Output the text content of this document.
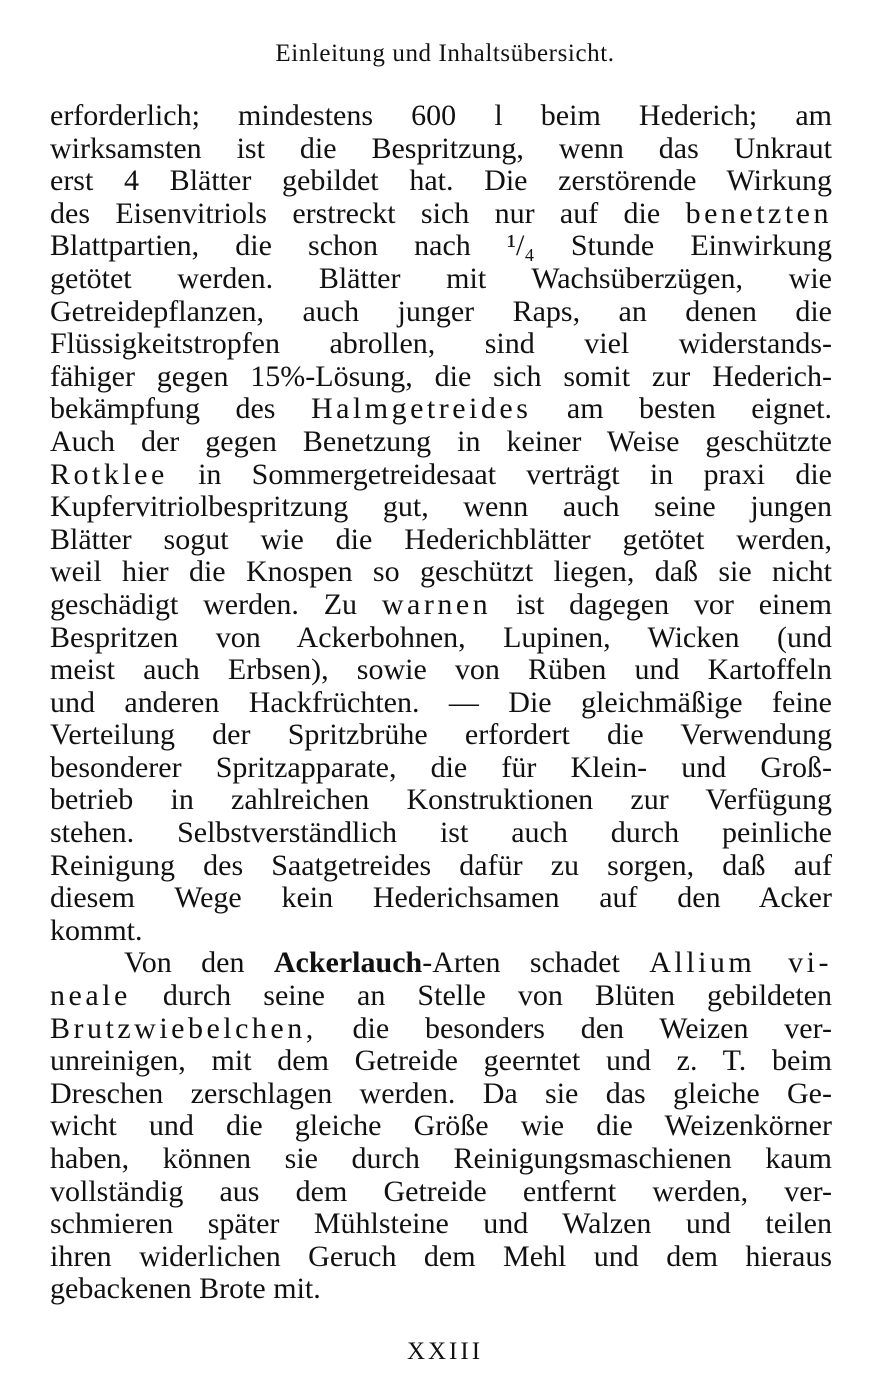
Einleitung und Inhaltsübersicht.
erforderlich; mindestens 600 l beim Hederich; am
wirksamsten ist die Bespritzung, wenn das Unkraut
erst 4 Blätter gebildet hat. Die zerstörende Wirkung
des Eisenvitriols erstreckt sich nur auf die benetzten
Blattpartien, die schon nach ¹/₄ Stunde Einwirkung
getötet werden. Blätter mit Wachsüberzügen, wie
Getreidepflanzen, auch junger Raps, an denen die
Flüssigkeitstropfen abrollen, sind viel widerstands-
fähiger gegen 15%-Lösung, die sich somit zur Hederich-
bekämpfung des Halmgetreides am besten eignet.
Auch der gegen Benetzung in keiner Weise geschützte
Rotklee in Sommergetreidesaat verträgt in praxi die
Kupfervitriolbespritzung gut, wenn auch seine jungen
Blätter sogut wie die Hederichblätter getötet werden,
weil hier die Knospen so geschützt liegen, daß sie nicht
geschädigt werden. Zu warnen ist dagegen vor einem
Bespritzen von Ackerbohnen, Lupinen, Wicken (und
meist auch Erbsen), sowie von Rüben und Kartoffeln
und anderen Hackfrüchten. — Die gleichmäßige feine
Verteilung der Spritzbrühe erfordert die Verwendung
besonderer Spritzapparate, die für Klein- und Groß-
betrieb in zahlreichen Konstruktionen zur Verfügung
stehen. Selbstverständlich ist auch durch peinliche
Reinigung des Saatgetreides dafür zu sorgen, daß auf
diesem Wege kein Hederichsamen auf den Acker
kommt.
Von den Ackerlauch-Arten schadet Allium vi-
neale durch seine an Stelle von Blüten gebildeten
Brutzwiebelchen, die besonders den Weizen ver-
unreinigen, mit dem Getreide geerntet und z. T. beim
Dreschen zerschlagen werden. Da sie das gleiche Ge-
wicht und die gleiche Größe wie die Weizenkörner
haben, können sie durch Reinigungsmaschienen kaum
vollständig aus dem Getreide entfernt werden, ver-
schmieren später Mühlsteine und Walzen und teilen
ihren widerlichen Geruch dem Mehl und dem hieraus
gebackenen Brote mit.
XXIII
